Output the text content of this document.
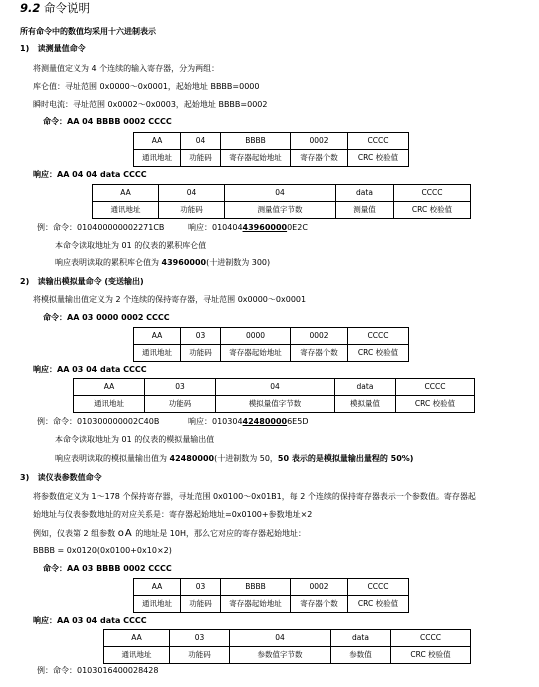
9.2 命令说明
所有命令中的数值均采用十六进制表示
1)   读测量值命令
将测量值定义为 4 个连续的输入寄存器，分为两组：
库仑值：寻址范围 0x0000～0x0001，起始地址 BBBB=0000
瞬时电流：寻址范围 0x0002～0x0003，起始地址 BBBB=0002
命令：AA 04 BBBB 0002 CCCC
AA	04	BBBB	0002	CCCC
通讯地址	功能码	寄存器起始地址	寄存器个数	CRC 校验值
响应：AA 04 04 data CCCC
AA	04	04	data	CCCC
通讯地址	功能码	测量值字节数	测量值	CRC 校验值
例：命令：010400000002271CB	响应：010404439600000E2C
本命令读取地址为 01 的仪表的累积库仑值
响应表明读取的累积库仑值为 43960000(十进制数为 300)
2)   读输出模拟量命令 (变送输出)
将模拟量输出值定义为 2 个连续的保持寄存器，寻址范围 0x0000～0x0001
命令：AA 03 0000 0002 CCCC
AA	03	0000	0002	CCCC
通讯地址	功能码	寄存器起始地址	寄存器个数	CRC 校验值
响应：AA 03 04 data CCCC
AA	03	04	data	CCCC
通讯地址	功能码	模拟量值字节数	模拟量值	CRC 校验值
例：命令：010300000002C40B	响应：010304424800006E5D
本命令读取地址为 01 的仪表的模拟量输出值
响应表明读取的模拟量输出值为 42480000(十进制数为 50，50 表示的是模拟量输出量程的 50%)
3)   读仪表参数值命令
将参数值定义为 1～178 个保持寄存器，寻址范围 0x0100～0x01B1，每 2 个连续的保持寄存器表示一个参数值。寄存器起
始地址与仪表参数地址的对应关系是：寄存器起始地址=0x0100+参数地址×2
例如，仪表第 2 组参数 oA 的地址是 10H，那么它对应的寄存器起始地址：
BBBB = 0x0120(0x0100+0x10×2)
命令：AA 03 BBBB 0002 CCCC
AA	03	BBBB	0002	CCCC
通讯地址	功能码	寄存器起始地址	寄存器个数	CRC 校验值
响应：AA 03 04 data CCCC
AA	03	04	data	CCCC
通讯地址	功能码	参数值字节数	参数值	CRC 校验值
例：命令：0103016400028428
